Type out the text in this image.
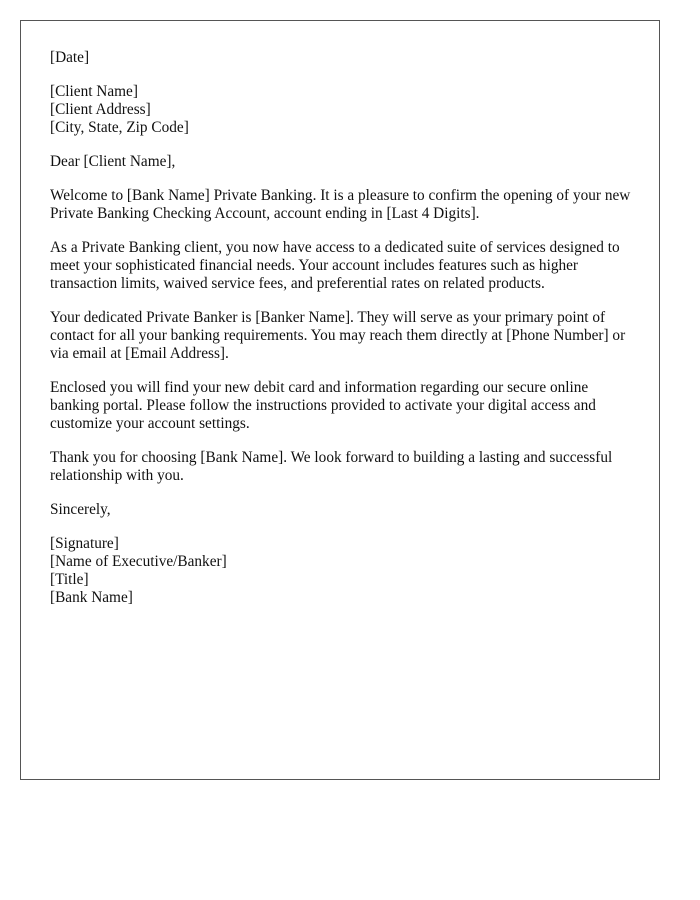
[Date]
[Client Name]
[Client Address]
[City, State, Zip Code]
Dear [Client Name],

Welcome to [Bank Name] Private Banking. It is a pleasure to confirm the opening of your new Private Banking Checking Account, account ending in [Last 4 Digits].

As a Private Banking client, you now have access to a dedicated suite of services designed to meet your sophisticated financial needs. Your account includes features such as higher transaction limits, waived service fees, and preferential rates on related products.

Your dedicated Private Banker is [Banker Name]. They will serve as your primary point of contact for all your banking requirements. You may reach them directly at [Phone Number] or via email at [Email Address].

Enclosed you will find your new debit card and information regarding our secure online banking portal. Please follow the instructions provided to activate your digital access and customize your account settings.

Thank you for choosing [Bank Name]. We look forward to building a lasting and successful relationship with you.

Sincerely,
[Signature]
[Name of Executive/Banker]
[Title]
[Bank Name]
